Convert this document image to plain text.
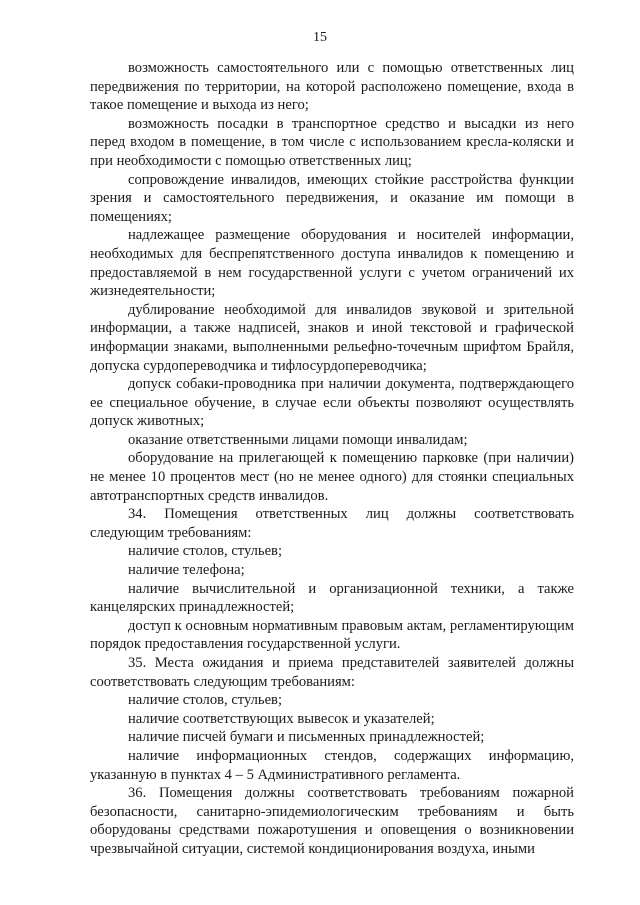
15

возможность самостоятельного или с помощью ответственных лиц передвижения по территории, на которой расположено помещение, входа в такое помещение и выхода из него;

возможность посадки в транспортное средство и высадки из него перед входом в помещение, в том числе с использованием кресла-коляски и при необходимости с помощью ответственных лиц;

сопровождение инвалидов, имеющих стойкие расстройства функции зрения и самостоятельного передвижения, и оказание им помощи в помещениях;

надлежащее размещение оборудования и носителей информации, необходимых для беспрепятственного доступа инвалидов к помещению и предоставляемой в нем государственной услуги с учетом ограничений их жизнедеятельности;

дублирование необходимой для инвалидов звуковой и зрительной информации, а также надписей, знаков и иной текстовой и графической информации знаками, выполненными рельефно-точечным шрифтом Брайля, допуска сурдопереводчика и тифлосурдопереводчика;

допуск собаки-проводника при наличии документа, подтверждающего ее специальное обучение, в случае если объекты позволяют осуществлять допуск животных;

оказание ответственными лицами помощи инвалидам;

оборудование на прилегающей к помещению парковке (при наличии) не менее 10 процентов мест (но не менее одного) для стоянки специальных автотранспортных средств инвалидов.

34. Помещения ответственных лиц должны соответствовать следующим требованиям:

наличие столов, стульев;

наличие телефона;

наличие вычислительной и организационной техники, а также канцелярских принадлежностей;

доступ к основным нормативным правовым актам, регламентирующим порядок предоставления государственной услуги.

35. Места ожидания и приема представителей заявителей должны соответствовать следующим требованиям:

наличие столов, стульев;

наличие соответствующих вывесок и указателей;

наличие писчей бумаги и письменных принадлежностей;

наличие информационных стендов, содержащих информацию, указанную в пунктах 4 – 5 Административного регламента.

36. Помещения должны соответствовать требованиям пожарной безопасности, санитарно-эпидемиологическим требованиям и быть оборудованы средствами пожаротушения и оповещения о возникновении чрезвычайной ситуации, системой кондиционирования воздуха, иными
